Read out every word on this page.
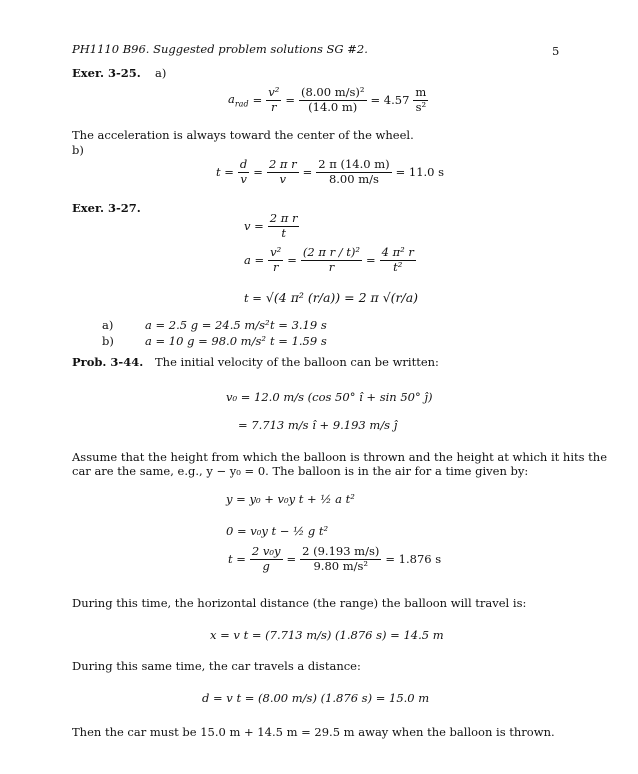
PH1110 B96. Suggested problem solutions SG #2.	5
Exer. 3-25. a)
$a_{rad} = \frac{\text{v²}}{r} = \frac{\text{(8.00 m/s)²}}{(14.0 m)} = 4.57$
m
s²
The acceleration is always toward the center of the wheel.
b)
$t = \frac{d}{v} = \frac{\text{2 π r}}{v} = \frac{2 \pi (14.0 m)}{8.00 m/s} = 11.0$ s
Exer. 3-27.
$v = \frac{\text{2 π r}}{t}$
$a = \frac{\text{v²}}{r} = \frac{\text{(2 π r / t)²}}{r} = \frac{\text{4 π² r}}{\text{t²}}$
t = √(4 π² (r/a)) = 2 π √(r/a)
a)	a = 2.5 g = 24.5 m/s² t = 3.19 s
b)	a = 10 g = 98.0 m/s² t = 1.59 s
Prob. 3-44. The initial velocity of the balloon can be written:
v₀ = 12.0 m/s (cos 50° î + sin 50° ĵ)
= 7.713 m/s î + 9.193 m/s ĵ
Assume that the height from which the balloon is thrown and the height at which it hits the
car are the same, e.g., y − y₀ = 0. The balloon is in the air for a time given by:
y = y₀ + v₀y t + ½ a t²
0 = v₀y t − ½ g t²
$t = \frac{\text{2 v₀y}}{g} = \frac{2 (9.193 m/s)}{\text{9.80 m/s²}} = 1.876$ s
During this time, the horizontal distance (the range) the balloon will travel is:
x = v t = (7.713 m/s) (1.876 s) = 14.5 m
During this same time, the car travels a distance:
d = v t = (8.00 m/s) (1.876 s) = 15.0 m
Then the car must be 15.0 m + 14.5 m = 29.5 m away when the balloon is thrown.
